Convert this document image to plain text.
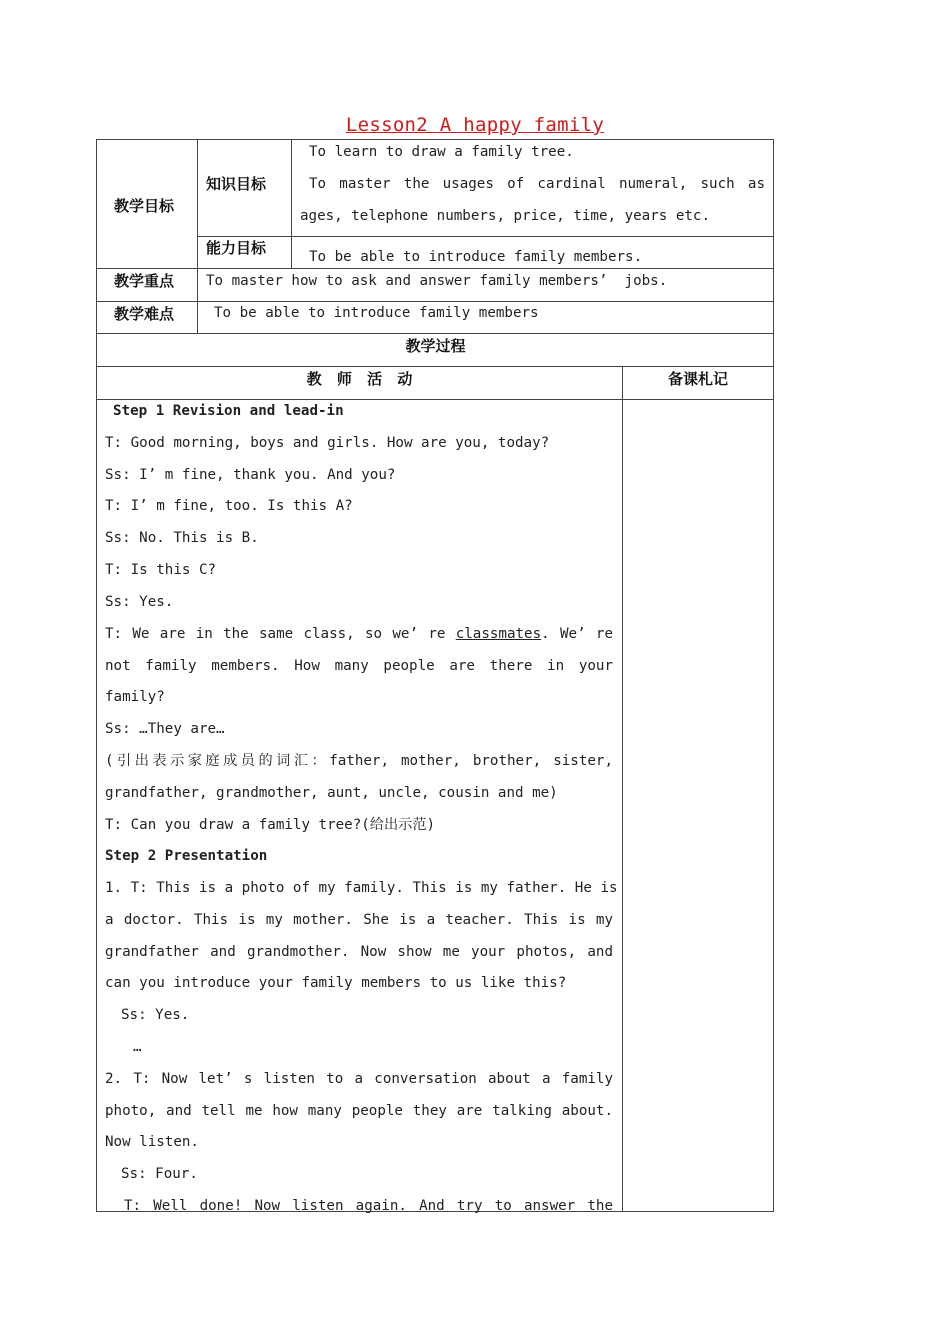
Lesson2 A happy family
教学目标
知识目标
能力目标
教学重点
教学难点
教学过程
教 师 活 动	备课札记
To learn to draw a family tree.
To master the usages of cardinal numeral, such as
ages, telephone numbers, price, time, years etc.
To be able to introduce family members.
To master how to ask and answer family members’  jobs.
To be able to introduce family members
Step 1 Revision and lead-in
T: Good morning, boys and girls. How are you, today?
Ss: I’ m fine, thank you. And you?
T: I’ m fine, too. Is this A?
Ss: No. This is B.
T: Is this C?
Ss: Yes.
T: We are in the same class, so we’ re classmates. We’ re
not family members. How many people are there in your
family?
Ss: …They are…
(引出表示家庭成员的词汇：father, mother, brother, sister,
grandfather, grandmother, aunt, uncle, cousin and me)
T: Can you draw a family tree?(给出示范)
Step 2 Presentation
1. T: This is a photo of my family. This is my father. He is
a doctor. This is my mother. She is a teacher. This is my
grandfather and grandmother. Now show me your photos, and
can you introduce your family members to us like this?
Ss: Yes.
…
2. T: Now let’ s listen to a conversation about a family
photo, and tell me how many people they are talking about.
Now listen.
Ss: Four.
T: Well done! Now listen again. And try to answer the
